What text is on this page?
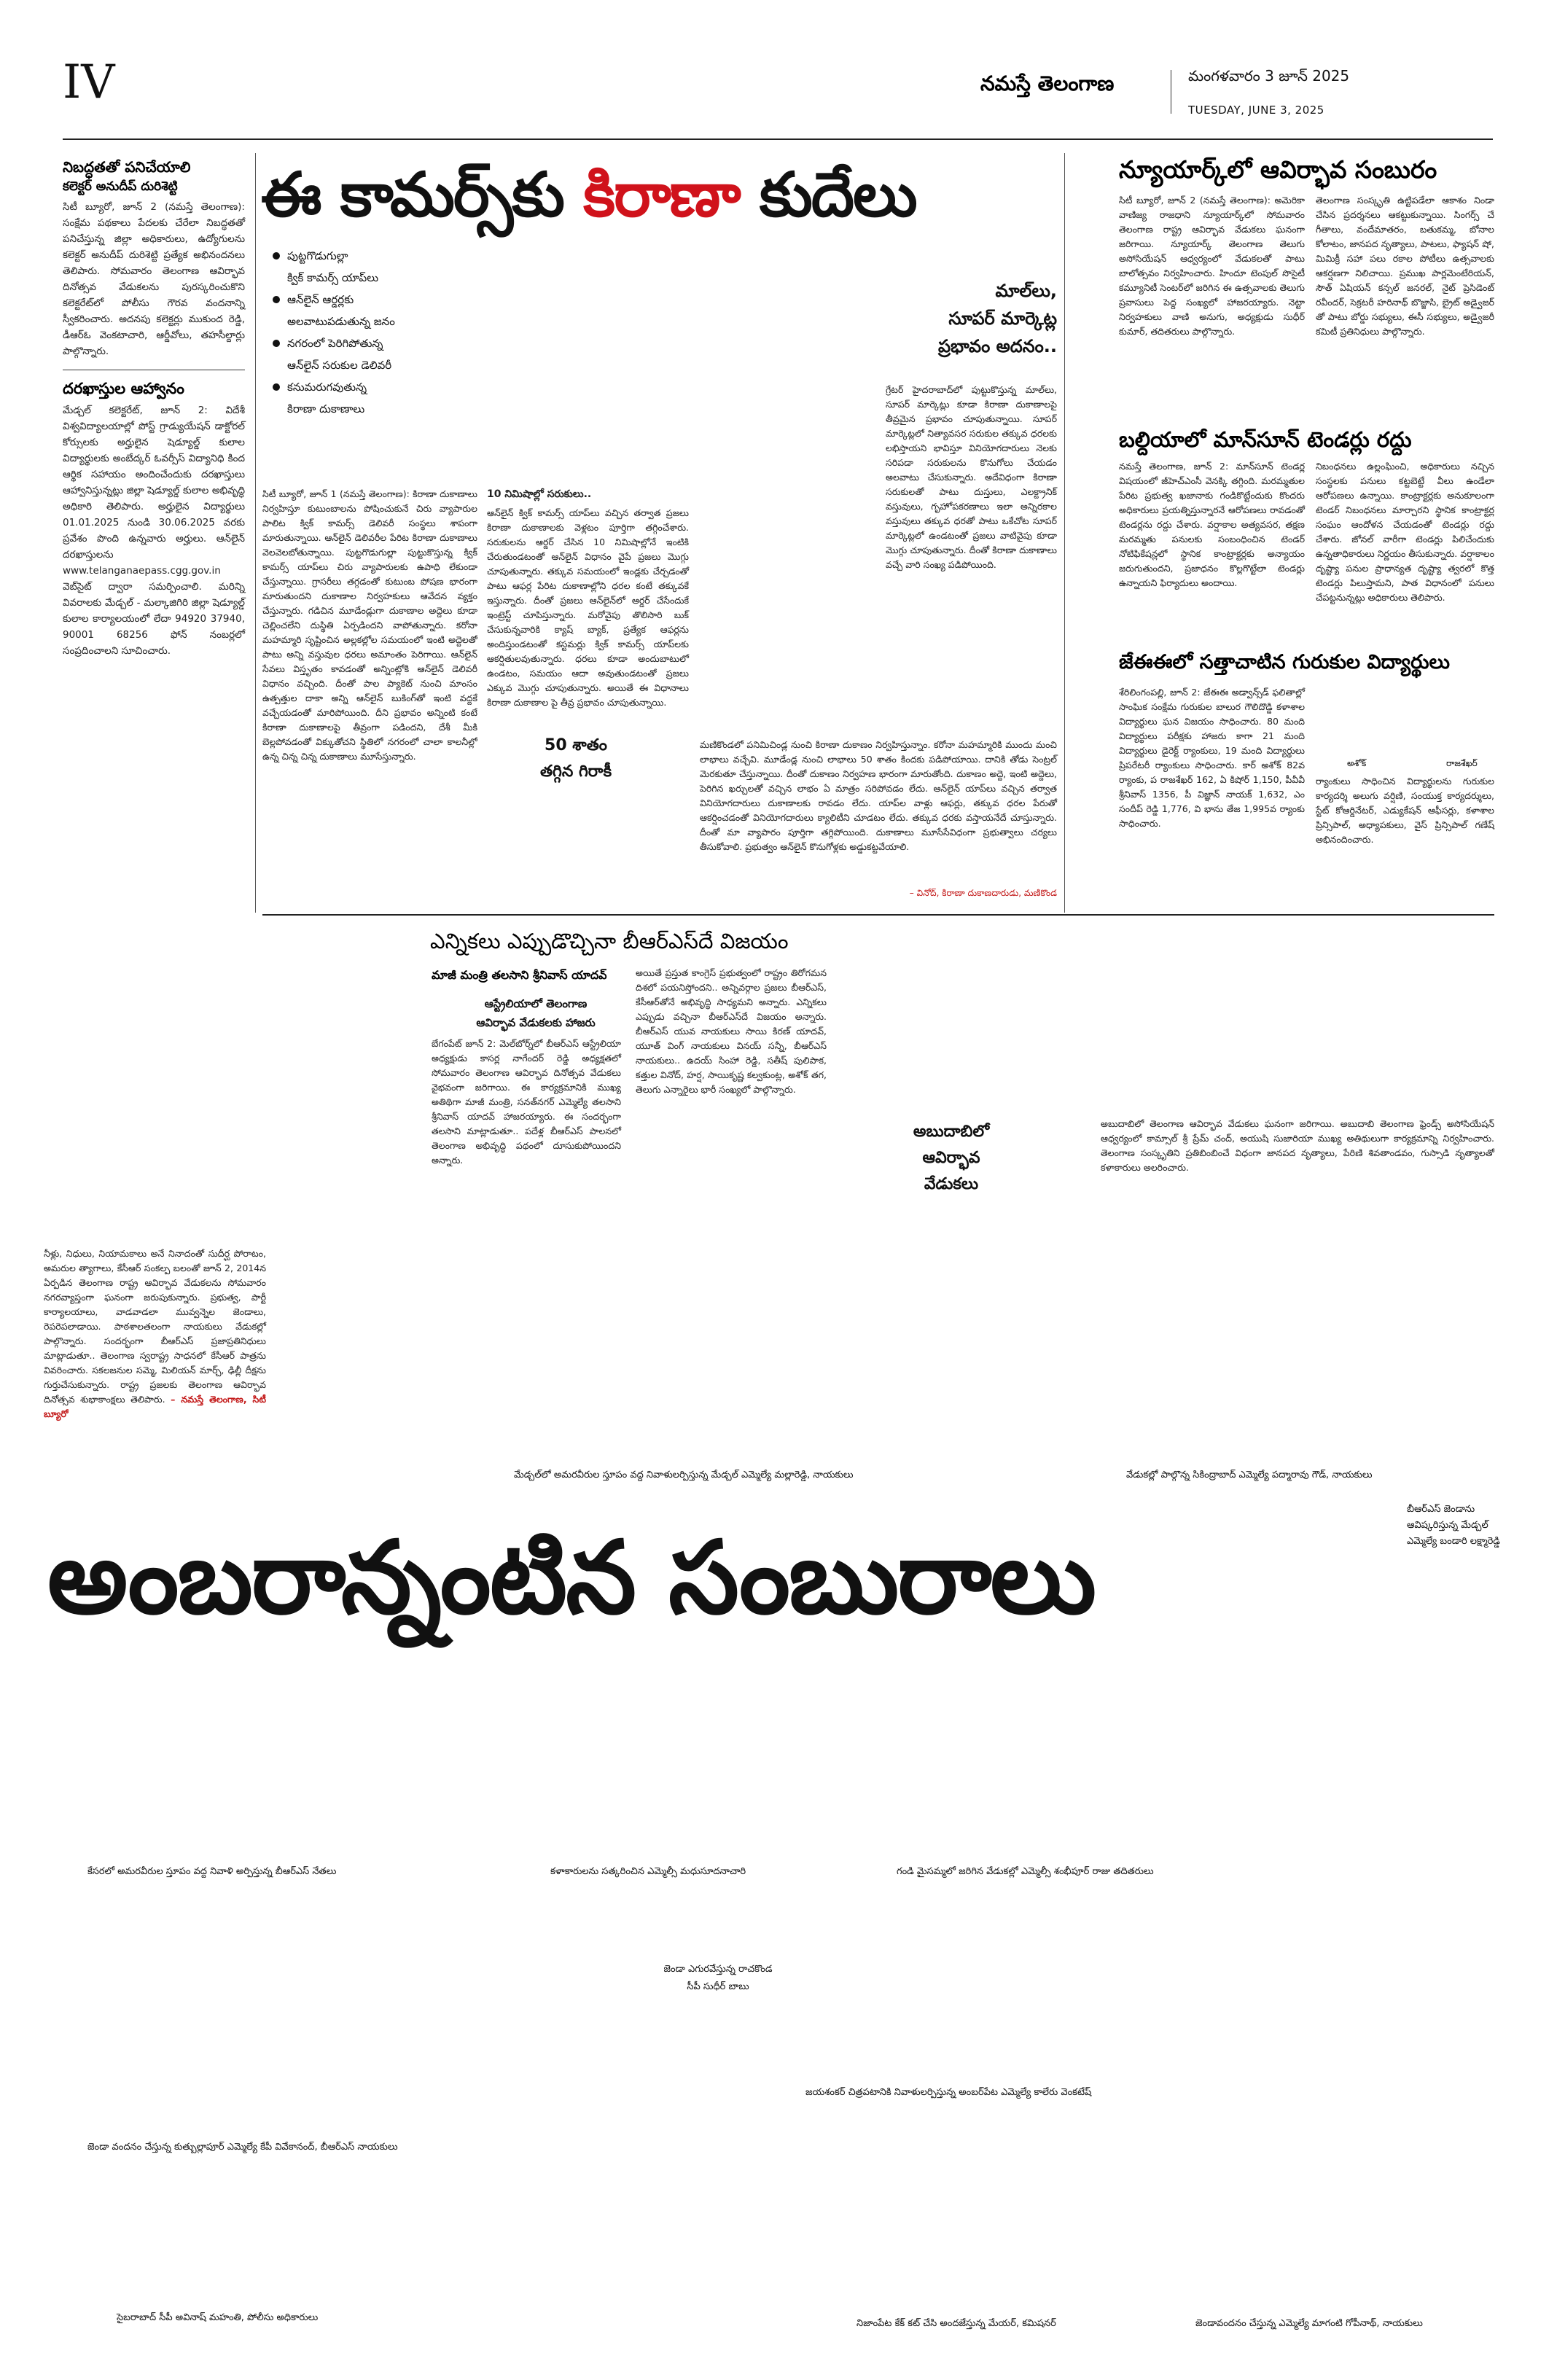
IV	నమస్తే తెలంగాణ	మంగళవారం 3 జూన్ 2025
TUESDAY, JUNE 3, 2025
నిబద్ధతతో పనిచేయాలి
కలెక్టర్ అనుదీప్ దురిశెట్టి
సిటీ బ్యూరో, జూన్ 2 (నమస్తే తెలంగాణ): సంక్షేమ పథకాలు పేదలకు చేరేలా నిబద్ధతతో పనిచేస్తున్న జిల్లా అధికారులు, ఉద్యోగులను కలెక్టర్ అనుదీప్ దురిశెట్టి ప్రత్యేక అభినందనలు తెలిపారు. సోమవారం తెలంగాణ ఆవిర్భావ దినోత్సవ వేడుకలను పురస్కరించుకొని కలెక్టరేట్‌లో పోలీసు గౌరవ వందనాన్ని స్వీకరించారు. అదనపు కలెక్టర్లు ముకుంద రెడ్డి, డీఆర్ఓ వెంకటాచారి, ఆర్డీవోలు, తహసీల్దార్లు పాల్గొన్నారు.
దరఖాస్తుల ఆహ్వానం
మేడ్చల్ కలెక్టరేట్, జూన్ 2: విదేశీ విశ్వవిద్యాలయాల్లో పోస్ట్ గ్రాడ్యుయేషన్ డాక్టోరల్ కోర్సులకు అర్హులైన షెడ్యూల్డ్ కులాల విద్యార్థులకు అంబేద్కర్ ఓవర్సీస్ విద్యానిధి కింద ఆర్థిక సహాయం అందించేందుకు దరఖాస్తులు ఆహ్వానిస్తున్నట్లు జిల్లా షెడ్యూల్డ్ కులాల అభివృద్ధి అధికారి తెలిపారు. అర్హులైన విద్యార్థులు 01.01.2025 నుండి 30.06.2025 వరకు ప్రవేశం పొంది ఉన్నవారు అర్హులు. ఆన్‌లైన్ దరఖాస్తులను www.telanganaepass.cgg.gov.in వెబ్‌సైట్ ద్వారా సమర్పించాలి. మరిన్ని వివరాలకు మేడ్చల్ - మల్కాజిగిరి జిల్లా షెడ్యూల్డ్ కులాల కార్యాలయంలో లేదా 94920 37940, 90001 68256 ఫోన్ నంబర్లలో సంప్రదించాలని సూచించారు.
ఈ కామర్స్‌కు కిరాణా కుదేలు
పుట్టగొడుగుల్లా
క్విక్ కామర్స్ యాప్‌లు
ఆన్‌లైన్ ఆర్డర్లకు
అలవాటుపడుతున్న జనం
నగరంలో పెరిగిపోతున్న
ఆన్‌లైన్ సరుకుల డెలివరీ
కనుమరుగవుతున్న
కిరాణా దుకాణాలు
మాల్‌లు,
సూపర్ మార్కెట్ల
ప్రభావం అదనం..
సిటీ బ్యూరో, జూన్ 1 (నమస్తే తెలంగాణ): కిరాణా దుకాణాలు నిర్వహిస్తూ కుటుంబాలను పోషించుకునే చిరు వ్యాపారుల పాలిట క్విక్ కామర్స్ డెలివరీ సంస్థలు శాపంగా మారుతున్నాయి. ఆన్‌లైన్ డెలివరీల పేరిట కిరాణా దుకాణాలు వెలవెలబోతున్నాయి. పుట్టగొడుగుల్లా పుట్టుకొస్తున్న క్విక్ కామర్స్ యాప్‌లు చిరు వ్యాపారులకు ఉపాధి లేకుండా చేస్తున్నాయి. గ్రాసరీలు తగ్గడంతో కుటుంబ పోషణ భారంగా మారుతుందని దుకాణాల నిర్వహకులు ఆవేదన వ్యక్తం చేస్తున్నారు. గడిచిన మూడేండ్లుగా దుకాణాల అద్దెలు కూడా చెల్లించలేని దుస్థితి ఏర్పడిందని వాపోతున్నారు. కరోనా మహమ్మారి సృష్టించిన అల్లకల్లోల సమయంలో ఇంటి అద్దెలతో పాటు అన్ని వస్తువుల ధరలు అమాంతం పెరిగాయి. ఆన్‌లైన్ సేవలు విస్తృతం కావడంతో అన్నింట్లోకి ఆన్‌లైన్ డెలివరీ విధానం వచ్చింది. దీంతో పాల ప్యాకెట్ నుంచి మాంసం ఉత్పత్తుల దాకా అన్ని ఆన్‌లైన్ బుకింగ్‌తో ఇంటి వద్దకే వచ్చేయడంతో మారిపోయింది. దీని ప్రభావం అన్నింటి కంటే కిరాణా దుకాణాలపై తీవ్రంగా పడిందని, దేశీ మీకి బెల్లపోవడంతో విక్కుతోచని స్థితిలో నగరంలో చాలా కాలనీల్లో ఉన్న చిన్న చిన్న దుకాణాలు మూసేస్తున్నారు.
10 నిమిషాల్లో సరుకులు..
ఆన్‌లైన్ క్విక్ కామర్స్ యాప్‌లు వచ్చిన తర్వాత ప్రజలు కిరాణా దుకాణాలకు వెళ్లటం పూర్తిగా తగ్గించేశారు. సరుకులను ఆర్డర్ చేసిన 10 నిమిషాల్లోనే ఇంటికి చేరుతుండటంతో ఆన్‌లైన్ విధానం వైపే ప్రజలు మొగ్గు చూపుతున్నారు. తక్కువ సమయంలో ఇండ్లకు చేర్చడంతో పాటు ఆఫర్ల పేరిట దుకాణాల్లోని ధరల కంటే తక్కువకే ఇస్తున్నారు. దీంతో ప్రజలు ఆన్‌లైన్‌లో ఆర్డర్ చేసేందుకే ఇంట్రెస్ట్ చూపిస్తున్నారు. మరోవైపు తొలిసారి బుక్ చేసుకున్నవారికి క్యాష్ బ్యాక్, ప్రత్యేక ఆఫర్లను అందిస్తుండటంతో కస్టమర్లు క్విక్ కామర్స్ యాప్‌లకు ఆకర్షితులవుతున్నారు. ధరలు కూడా అందుబాటులో ఉండటం, సమయం ఆదా అవుతుండటంతో ప్రజలు ఎక్కువ మొగ్గు చూపుతున్నారు. అయితే ఈ విధానాలు కిరాణా దుకాణాల పై తీవ్ర ప్రభావం చూపుతున్నాయి.
గ్రేటర్ హైదరాబాద్‌లో పుట్టుకొస్తున్న మాల్‌లు, సూపర్ మార్కెట్లు కూడా కిరాణా దుకాణాలపై తీవ్రమైన ప్రభావం చూపుతున్నాయి. సూపర్ మార్కెట్లలో నిత్యావసర సరుకుల తక్కువ ధరలకు లభిస్తాయని భావిస్తూ వినియోగదారులు నెలకు సరిపడా సరుకులను కొనుగోలు చేయడం అలవాటు చేసుకున్నారు. అదేవిధంగా కిరాణా సరుకులతో పాటు దుస్తులు, ఎలక్ట్రానిక్ వస్తువులు, గృహోపకరణాలు ఇలా అన్నిరకాల వస్తువులు తక్కువ ధరతో పాటు ఒకేచోట సూపర్ మార్కెట్లలో ఉండటంతో ప్రజలు వాటివైపు కూడా మొగ్గు చూపుతున్నారు. దీంతో కిరాణా దుకాణాలు వచ్చే వారి సంఖ్య పడిపోయింది.
50 శాతం
తగ్గిన గిరాకీ
మణికొండలో పనిమిచిండ్ల నుంచి కిరాణా దుకాణం నిర్వహిస్తున్నాం. కరోనా మహమ్మారికి ముందు మంచి లాభాలు వచ్చేవి. మూడేండ్ల నుంచి లాభాలు 50 శాతం కిందకు పడిపోయాయి. దానికి తోడు సెంట్రల్ మెరకుతూ చేస్తున్నాయి. దీంతో దుకాణం నిర్వహణ భారంగా మారుతోంది. దుకాణం అద్దె, ఇంటి అద్దెలు, పెరిగిన ఖర్చులతో వచ్చిన లాభం ఏ మాత్రం సరిపోవడం లేదు. ఆన్‌లైన్ యాప్‌లు వచ్చిన తర్వాత వినియోగదారులు దుకాణాలకు రావడం లేదు. యాప్‌ల వాళ్లు ఆఫర్లు, తక్కువ ధరల పేరుతో ఆకర్షించడంతో వినియోగదారులు క్యాలిటీని చూడటం లేదు. తక్కువ ధరకు వస్తాయనేదే చూస్తున్నారు. దీంతో మా వ్యాపారం పూర్తిగా తగ్గిపోయింది. దుకాణాలు మూసేసేవిధంగా ప్రభుత్వాలు చర్యలు తీసుకోవాలి. ప్రభుత్వం ఆన్‌లైన్ కొనుగోళ్లకు అడ్డుకట్టవేయాలి.
– వినోద్, కిరాణా దుకాణదారుడు, మణికొండ
న్యూయార్క్‌లో ఆవిర్భావ సంబురం
సిటీ బ్యూరో, జూన్ 2 (నమస్తే తెలంగాణ): అమెరికా వాణిజ్య రాజధాని న్యూయార్క్‌లో సోమవారం తెలంగాణ రాష్ట్ర ఆవిర్భావ వేడుకలు ఘనంగా జరిగాయి. న్యూయార్క్ తెలంగాణ తెలుగు అసోసియేషన్ ఆధ్వర్యంలో వేడుకలతో పాటు బాలోత్సవం నిర్వహించారు. హిందూ టెంపుల్ సొసైటీ కమ్యూనిటీ సెంటర్‌లో జరిగిన ఈ ఉత్సవాలకు తెలుగు ప్రవాసులు పెద్ద సంఖ్యలో హాజరయ్యారు. నెట్టా నిర్వహకులు వాణి అనుగు, అధ్యక్షుడు సుధీర్ కుమార్, తదితరులు పాల్గొన్నారు.
తెలంగాణ సంస్కృతి ఉట్టిపడేలా ఆకాశం నిండా చేసిన ప్రదర్శనలు ఆకట్టుకున్నాయి. సింగర్స్ చే గీతాలు, వందేమాతరం, బతుకమ్మ, బోనాల కోలాటం, జానపద నృత్యాలు, పాటలు, ఫ్యాషన్ షో, మిమిక్రీ సహా పలు రకాల పోటీలు ఉత్సవాలకు ఆకర్షణగా నిలిచాయి. ప్రముఖ పార్లమెంటేరియన్, సౌత్ ఏషియన్ కన్సల్ జనరల్, నైట్ ప్రెసిడెంట్ రవీందర్, సెక్రటరీ హరినాథ్ బొజ్జాసి, బ్రైట్ అడ్వైజర్ తో పాటు బోర్డు సభ్యులు, ఈసీ సభ్యులు, అడ్వైజరీ కమిటీ ప్రతినిధులు పాల్గొన్నారు.
బల్దియాలో మాన్‌సూన్ టెండర్లు రద్దు
నమస్తే తెలంగాణ, జూన్ 2: మాన్‌సూన్ టెండర్ల విషయంలో జీహెచ్ఎంసీ వెనక్కి తగ్గింది. మరమ్మతుల పేరిట ప్రభుత్వ ఖజానాకు గండికొట్టేందుకు కొందరు అధికారులు ప్రయత్నిస్తున్నారనే ఆరోపణలు రావడంతో టెండర్లను రద్దు చేశారు. వర్షాకాల అత్యవసర, తక్షణ మరమ్మతు పనులకు సంబంధించిన టెండర్ నోటిఫికేషన్లలో స్థానిక కాంట్రాక్టర్లకు అన్యాయం జరుగుతుందని, ప్రజాధనం కొల్లగొట్టేలా టెండర్లు ఉన్నాయని ఫిర్యాదులు అందాయి.
నిబంధనలు ఉల్లంఘించి, అధికారులు నచ్చిన సంస్థలకు పనులు కట్టబెట్టే వీలు ఉండేలా ఆరోపణలు ఉన్నాయి. కాంట్రాక్టర్లకు అనుకూలంగా టెండర్ నిబంధనలు మార్చారని స్థానిక కాంట్రాక్టర్ల సంఘం ఆందోళన చేయడంతో టెండర్లు రద్దు చేశారు. జోనల్ వారీగా టెండర్లు పిలిచేందుకు ఉన్నతాధికారులు నిర్ణయం తీసుకున్నారు. వర్షాకాలం దృష్ట్యా పనుల ప్రాధాన్యత దృష్ట్యా త్వరలో కొత్త టెండర్లు పిలుస్తామని, పాత విధానంలో పనులు చేపట్టనున్నట్లు అధికారులు తెలిపారు.
జేఈఈలో సత్తాచాటిన గురుకుల విద్యార్థులు
శేరిలింగంపల్లి, జూన్ 2: జేఈఈ అడ్వాన్స్‌డ్ ఫలితాల్లో సాంఘిక సంక్షేమ గురుకుల బాలుర గౌలిదొడ్డి కళాశాల విద్యార్థులు ఘన విజయం సాధించారు. 80 మంది విద్యార్థులు పరీక్షకు హాజరు కాగా 21 మంది విద్యార్థులు డైరెక్ట్ ర్యాంకులు, 19 మంది విద్యార్థులు ప్రిపరేటరీ ర్యాంకులు సాధించారు. కార్ అశోక్ 82వ ర్యాంకు, ప రాజశేఖర్ 162, ఏ కిషోర్ 1,150, పీవీవీ శ్రీనివాస్ 1356, పీ విజ్ఞాన్ నాయక్ 1,632, ఎం సందీప్ రెడ్డి 1,776, వి భాను తేజ 1,995వ ర్యాంకు సాధించారు.
అశోక్	రాజశేఖర్
ర్యాంకులు సాధించిన విద్యార్థులను గురుకుల కార్యదర్శి అలుగు వర్షిణి, సంయుక్త కార్యదర్శులు, స్టేట్ కోఆర్డినేటర్, ఎడ్యుకేషన్ ఆఫీసర్లు, కళాశాల ప్రిన్సిపాల్, అధ్యాపకులు, వైస్ ప్రిన్సిపాల్ గణేష్ అభినందించారు.
ఎన్నికలు ఎప్పుడొచ్చినా బీఆర్ఎస్‌దే విజయం
మాజీ మంత్రి తలసాని శ్రీనివాస్ యాదవ్
ఆస్ట్రేలియాలో తెలంగాణ
ఆవిర్భావ వేడుకలకు హాజరు
బేగంపేట్ జూన్ 2: మెల్‌బోర్న్‌లో బీఆర్ఎస్ ఆస్ట్రేలియా అధ్యక్షుడు కాసర్ల నాగేందర్ రెడ్డి అధ్యక్షతలో సోమవారం తెలంగాణ ఆవిర్భావ దినోత్సవ వేడుకలు వైభవంగా జరిగాయి. ఈ కార్యక్రమానికి ముఖ్య అతిథిగా మాజీ మంత్రి, సనత్‌నగర్ ఎమ్మెల్యే తలసాని శ్రీనివాస్ యాదవ్ హాజరయ్యారు. ఈ సందర్భంగా తలసాని మాట్లాడుతూ.. పదేళ్ల బీఆర్ఎస్ పాలనలో తెలంగాణ అభివృద్ధి పథంలో దూసుకుపోయిందని అన్నారు.
అయితే ప్రస్తుత కాంగ్రెస్ ప్రభుత్వంలో రాష్ట్రం తిరోగమన దిశలో పయనిస్తోందని.. అన్నివర్గాల ప్రజలు బీఆర్ఎస్, కేసీఆర్‌తోనే అభివృద్ధి సాధ్యమని అన్నారు. ఎన్నికలు ఎప్పుడు వచ్చినా బీఆర్ఎస్‌దే విజయం అన్నారు. బీఆర్ఎస్ యువ నాయకులు సాయి కిరణ్ యాదవ్, యూత్ వింగ్ నాయకులు వినయ్ సన్నీ, బీఆర్ఎస్ నాయకులు.. ఉదయ్ సింహా రెడ్డి, సతీష్ పులిపాక, కత్తుల వినోద్, హర్ష, సాయికృష్ణ కల్వకుంట్ల, అశోక్ తగ, తెలుగు ఎన్నారైలు భారీ సంఖ్యలో పాల్గొన్నారు.
అబుదాబిలో
ఆవిర్భావ వేడుకలు
అబుదాబిలో తెలంగాణ ఆవిర్భావ వేడుకలు ఘనంగా జరిగాయి. అబుదాబి తెలంగాణ ఫ్రెండ్స్ అసోసియేషన్ ఆధ్వర్యంలో కామ్సాల్ శ్రీ ప్రేమ్ చంద్, అయుషి సుజారియా ముఖ్య అతిథులుగా కార్యక్రమాన్ని నిర్వహించారు. తెలంగాణ సంస్కృతిని ప్రతిబింబించే విధంగా జానపద నృత్యాలు, పేరిణి శివతాండవం, గుస్సాడి నృత్యాలతో కళాకారులు అలరించారు.
నీళ్లు, నిధులు, నియామకాలు అనే నినాదంతో సుదీర్ఘ పోరాటం, అమరుల త్యాగాలు, కేసీఆర్ సంకల్ప బలంతో జూన్ 2, 2014న ఏర్పడిన తెలంగాణ రాష్ట్ర ఆవిర్భావ వేడుకలను సోమవారం నగరవ్యాప్తంగా ఘనంగా జరుపుకున్నారు. ప్రభుత్వ, పార్టీ కార్యాలయాలు, వాడవాడలా మువ్వన్నెల జెండాలు, రెపరెపలాడాయి. పాఠశాలతలంగా నాయకులు వేడుకల్లో పాల్గొన్నారు. సందర్భంగా బీఆర్ఎస్ ప్రజాప్రతినిధులు మాట్లాడుతూ.. తెలంగాణ స్వరాష్ట్ర సాధనలో కేసీఆర్ పాత్రను వివరించారు. సకలజనుల సమ్మె, మిలియన్ మార్చ్, ఢిల్లీ దీక్షను గుర్తుచేసుకున్నారు. రాష్ట్ర ప్రజలకు తెలంగాణ ఆవిర్భావ దినోత్సవ శుభాకాంక్షలు తెలిపారు. – నమస్తే తెలంగాణ, సిటీ బ్యూరో
మేడ్చల్‌లో అమరవీరుల స్తూపం వద్ద నివాళులర్పిస్తున్న మేడ్చల్ ఎమ్మెల్యే మల్లారెడ్డి, నాయకులు	వేడుకల్లో పాల్గొన్న సికింద్రాబాద్ ఎమ్మెల్యే పద్మారావు గౌడ్, నాయకులు
బీఆర్ఎస్ జెండాను ఆవిష్కరిస్తున్న మేడ్చల్ ఎమ్మెల్యే బండారి లక్ష్మారెడ్డి
అంబరాన్నంటిన సంబురాలు
కేసరలో అమరవీరుల స్తూపం వద్ద నివాళి అర్పిస్తున్న బీఆర్ఎస్ నేతలు	కళాకారులను సత్కరించిన ఎమ్మెల్సీ మధుసూదనాచారి	గండి మైసమ్మలో జరిగిన వేడుకల్లో ఎమ్మెల్సీ శంభీపూర్ రాజు తదితరులు
జెండా ఎగురవేస్తున్న రాచకొండ సీపీ సుధీర్ బాబు
జెండా వందనం చేస్తున్న కుత్బుల్లాపూర్ ఎమ్మెల్యే కేపీ వివేకానంద్, బీఆర్ఎస్ నాయకులు
జయశంకర్ చిత్రపటానికి నివాళులర్పిస్తున్న అంబర్‌పేట ఎమ్మెల్యే కాలేరు వెంకటేష్
సైబరాబాద్ సీపీ అవినాష్ మహంతి, పోలీసు అధికారులు
నిజాంపేట కేక్ కట్ చేసి అందజేస్తున్న మేయర్, కమిషనర్	జెండావందనం చేస్తున్న ఎమ్మెల్యే మాగంటి గోపీనాథ్, నాయకులు
